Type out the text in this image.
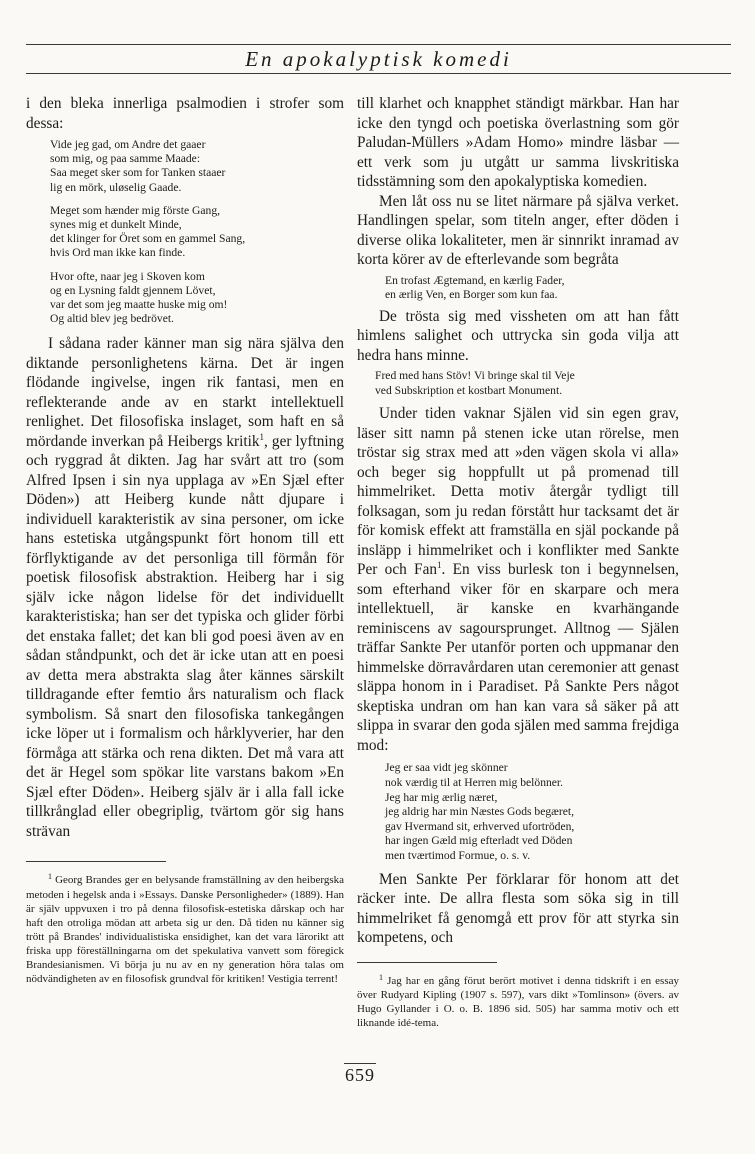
En apokalyptisk komedi

i den bleka innerliga psalmodien i strofer som dessa:

Vide jeg gad, om Andre det gaaer
som mig, og paa samme Maade:
Saa meget sker som for Tanken staaer
lig en mörk, uløselig Gaade.
Meget som hænder mig förste Gang,
synes mig et dunkelt Minde,
det klinger for Öret som en gammel Sang,
hvis Ord man ikke kan finde.
Hvor ofte, naar jeg i Skoven kom
og en Lysning faldt gjennem Lövet,
var det som jeg maatte huske mig om!
Og altid blev jeg bedrövet.

I sådana rader känner man sig nära själva den diktande personlighetens kärna. Det är ingen flödande ingivelse, ingen rik fantasi, men en reflekterande ande av en starkt intellektuell renlighet. Det filosofiska inslaget, som haft en så mördande inverkan på Heibergs kritik$^1$, ger lyftning och ryggrad åt dikten. Jag har svårt att tro (som Alfred Ipsen i sin nya upplaga av »En Sjæl efter Döden») att Heiberg kunde nått djupare i individuell karakteristik av sina personer, om icke hans estetiska utgångspunkt fört honom till ett förflyktigande av det personliga till förmån för poetisk filosofisk abstraktion. Heiberg har i sig själv icke någon lidelse för det individuellt karakteristiska; han ser det typiska och glider förbi det enstaka fallet; det kan bli god poesi även av en sådan ståndpunkt, och det är icke utan att en poesi av detta mera abstrakta slag åter kännes särskilt tilldragande efter femtio års naturalism och flack symbolism. Så snart den filosofiska tankegången icke löper ut i formalism och hårklyverier, har den förmåga att stärka och rena dikten. Det må vara att det är Hegel som spökar lite varstans bakom »En Sjæl efter Döden». Heiberg själv är i alla fall icke tillkrånglad eller obegriplig, tvärtom gör sig hans strävan

$^1$ Georg Brandes ger en belysande framställning av den heibergska metoden i hegelsk anda i »Essays. Danske Personligheder» (1889). Han är själv uppvuxen i tro på denna filosofisk-estetiska dårskap och har haft den otroliga mödan att arbeta sig ur den. Då tiden nu känner sig trött på Brandes' individualistiska ensidighet, kan det vara lärorikt att friska upp föreställningarna om det spekulativa vanvett som föregick Brandesianismen. Vi börja ju nu av en ny generation höra talas om nödvändigheten av en filosofisk grundval för kritiken! Vestigia terrent!

till klarhet och knapphet ständigt märkbar. Han har icke den tyngd och poetiska överlastning som gör Paludan-Müllers »Adam Homo» mindre läsbar — ett verk som ju utgått ur samma livskritiska tidsstämning som den apokalyptiska komedien.

Men låt oss nu se litet närmare på själva verket. Handlingen spelar, som titeln anger, efter döden i diverse olika lokaliteter, men är sinnrikt inramad av korta körer av de efterlevande som begråta

En trofast Ægtemand, en kærlig Fader,
en ærlig Ven, en Borger som kun faa.

De trösta sig med vissheten om att han fått himlens salighet och uttrycka sin goda vilja att hedra hans minne.

Fred med hans Stöv! Vi bringe skal til Veje
ved Subskription et kostbart Monument.

Under tiden vaknar Själen vid sin egen grav, läser sitt namn på stenen icke utan rörelse, men tröstar sig strax med att »den vägen skola vi alla» och beger sig hoppfullt ut på promenad till himmelriket. Detta motiv återgår tydligt till folksagan, som ju redan förstått hur tacksamt det är för komisk effekt att framställa en själ pockande på insläpp i himmelriket och i konflikter med Sankte Per och Fan$^1$. En viss burlesk ton i begynnelsen, som efterhand viker för en skarpare och mera intellektuell, är kanske en kvarhängande reminiscens av sagoursprunget. Alltnog — Själen träffar Sankte Per utanför porten och uppmanar den himmelske dörravårdaren utan ceremonier att genast släppa honom in i Paradiset. På Sankte Pers något skeptiska undran om han kan vara så säker på att slippa in svarar den goda själen med samma frejdiga mod:

Jeg er saa vidt jeg skönner
nok værdig til at Herren mig belönner.
Jeg har mig ærlig næret,
jeg aldrig har min Næstes Gods begæret,
gav Hvermand sit, erhverved ufortröden,
har ingen Gæld mig efterladt ved Döden
men tværtimod Formue, o. s. v.

Men Sankte Per förklarar för honom att det räcker inte. De allra flesta som söka sig in till himmelriket få genomgå ett prov för att styrka sin kompetens, och

$^1$ Jag har en gång förut berört motivet i denna tidskrift i en essay över Rudyard Kipling (1907 s. 597), vars dikt »Tomlinson» (övers. av Hugo Gyllander i O. o. B. 1896 sid. 505) har samma motiv och ett liknande idé-tema.

659
